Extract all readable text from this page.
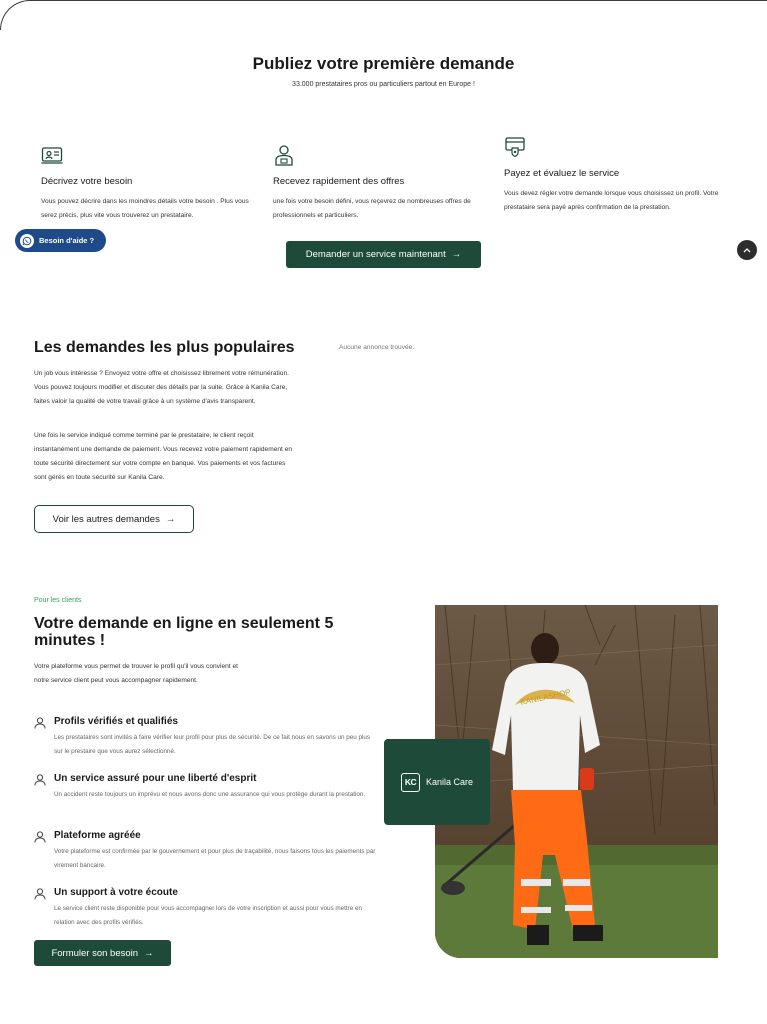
Publiez votre première demande

33.000 prestataires pros ou particuliers partout en Europe !

Décrivez votre besoin

Vous pouvez décrire dans les moindres détails votre besoin . Plus vous serez précis, plus vite vous trouverez un prestataire.

Recevez rapidement des offres

une fois votre besoin défini, vous reçevrez de nombreuses offres de professionnels et particuliers.

Payez et évaluez le service

Vous devez régler votre demande lorsque vous choisissez un profil. Votre prestataire sera payé après confirmation de la prestation.

Besoin d'aide ?
Demander un service maintenant →
Les demandes les plus populaires

Un job vous intéresse ? Envoyez votre offre et choisissez librement votre rémunération. Vous pouvez toujours modifier et discuter des détails par la suite. Grâce à Kanila Care, faites valoir la qualité de votre travail grâce à un système d'avis transparent.

Une fois le service indiqué comme terminé par le prestataire, le client reçoit instantanément une demande de paiement. Vous recevez votre paiement rapidement en toute sécurité directement sur votre compte en banque. Vos paiements et vos factures sont gérés en toute sécurité sur Kanila Care.

Aucune annonce trouvée.

Voir les autres demandes →

Pour les clients

Votre demande en ligne en seulement 5 minutes !

Votre plateforme vous permet de trouver le profil qu'il vous convient et notre service client peut vous accompagner rapidement.

Profils vérifiés et qualifiés

Les prestataires sont invités à faire vérifier leur profil pour plus de sécurité. De ce fait nous en savons un peu plus sur le prestaire que vous aurez sélectionné.

Un service assuré pour une liberté d'esprit

Un accident reste toujours un imprévu et nous avons donc une assurance qui vous protège durant la prestation.

Plateforme agréée

Votre plateforme est confirmée par le gouvernement et pour plus de traçabilité, nous faisons tous les paiements par virement bancaire.

Un support à votre écoute

Le service client reste disponible pour vous accompagner lors de votre inscription et aussi pour vous mettre en relation avec des profils vérifiés.

Formuler son besoin →
KANILASHOP
KC	Kanila Care
